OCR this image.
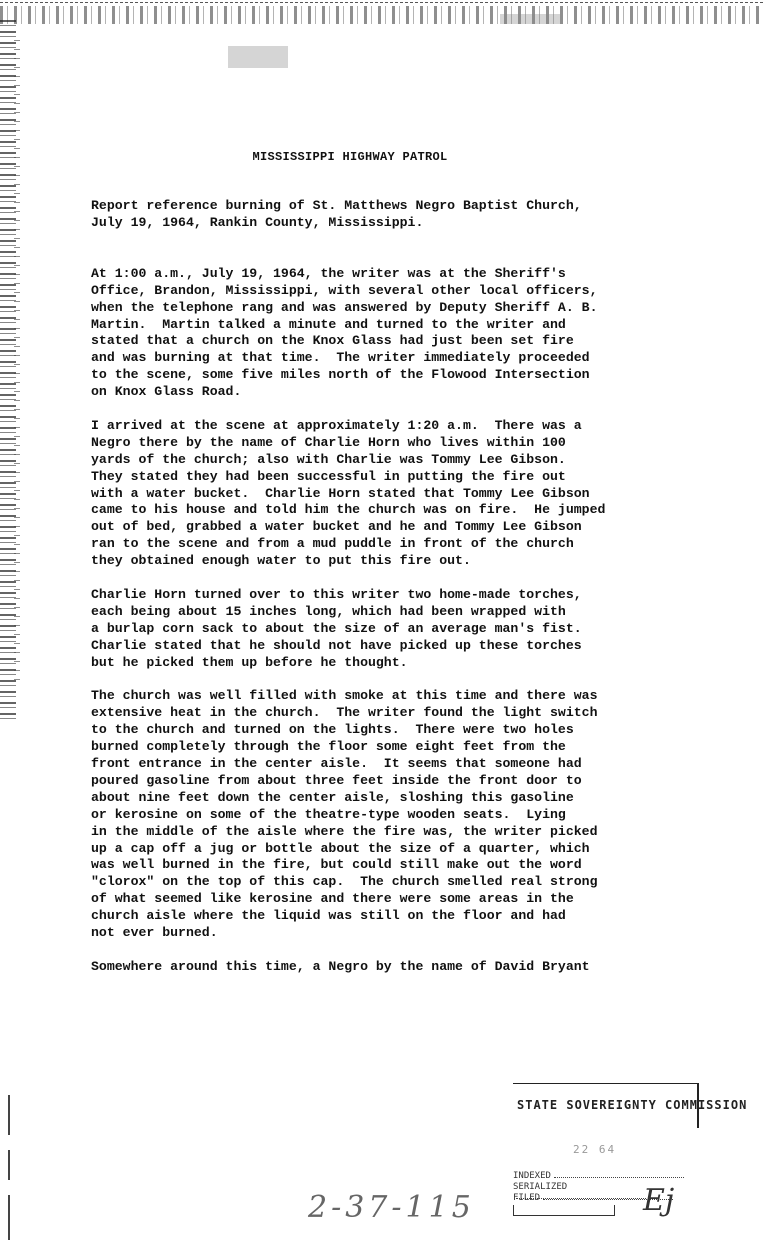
MISSISSIPPI HIGHWAY PATROL

Report reference burning of St. Matthews Negro Baptist Church,
July 19, 1964, Rankin County, Mississippi.

At 1:00 a.m., July 19, 1964, the writer was at the Sheriff's
Office, Brandon, Mississippi, with several other local officers,
when the telephone rang and was answered by Deputy Sheriff A. B.
Martin.  Martin talked a minute and turned to the writer and
stated that a church on the Knox Glass had just been set fire
and was burning at that time.  The writer immediately proceeded
to the scene, some five miles north of the Flowood Intersection
on Knox Glass Road.

I arrived at the scene at approximately 1:20 a.m.  There was a
Negro there by the name of Charlie Horn who lives within 100
yards of the church; also with Charlie was Tommy Lee Gibson.
They stated they had been successful in putting the fire out
with a water bucket.  Charlie Horn stated that Tommy Lee Gibson
came to his house and told him the church was on fire.  He jumped
out of bed, grabbed a water bucket and he and Tommy Lee Gibson
ran to the scene and from a mud puddle in front of the church
they obtained enough water to put this fire out.

Charlie Horn turned over to this writer two home-made torches,
each being about 15 inches long, which had been wrapped with
a burlap corn sack to about the size of an average man's fist.
Charlie stated that he should not have picked up these torches
but he picked them up before he thought.

The church was well filled with smoke at this time and there was
extensive heat in the church.  The writer found the light switch
to the church and turned on the lights.  There were two holes
burned completely through the floor some eight feet from the
front entrance in the center aisle.  It seems that someone had
poured gasoline from about three feet inside the front door to
about nine feet down the center aisle, sloshing this gasoline
or kerosine on some of the theatre-type wooden seats.  Lying
in the middle of the aisle where the fire was, the writer picked
up a cap off a jug or bottle about the size of a quarter, which
was well burned in the fire, but could still make out the word
"clorox" on the top of this cap.  The church smelled real strong
of what seemed like kerosine and there were some areas in the
church aisle where the liquid was still on the floor and had
not ever burned.

Somewhere around this time, a Negro by the name of David Bryant

STATE SOVEREIGNTY COMMISSION
22 64
INDEXED
SERIALIZED
FILED	Ej
2-37-115
